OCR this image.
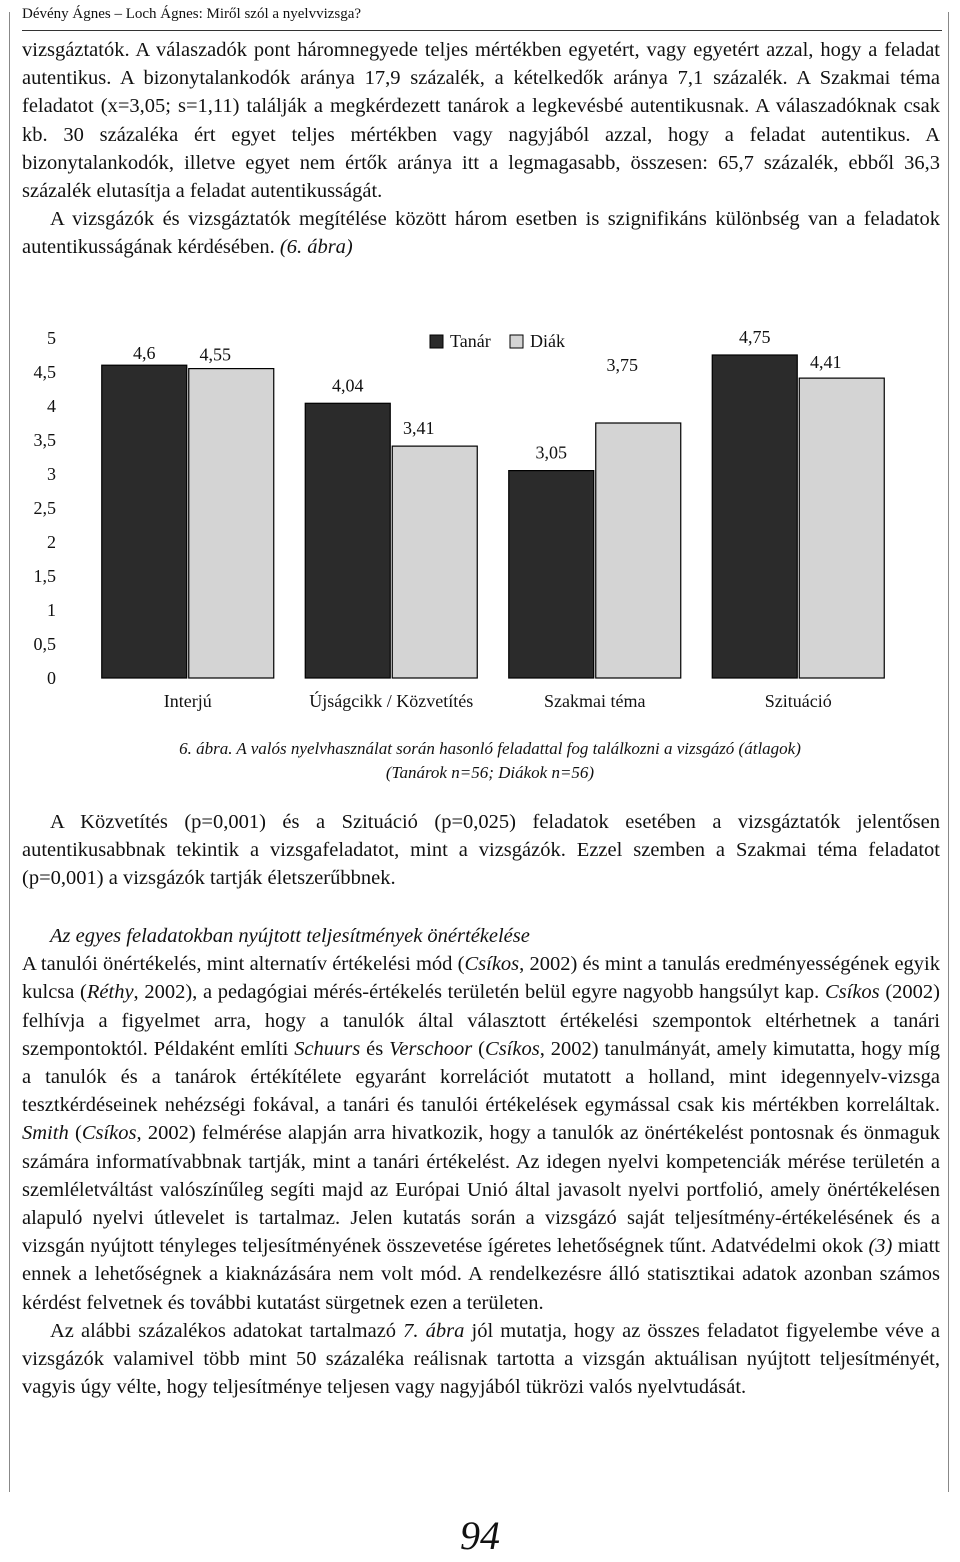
Dévény Ágnes – Loch Ágnes: Miről szól a nyelvvizsga?

vizsgáztatók. A válaszadók pont háromnegyede teljes mértékben egyetért, vagy egyetért azzal, hogy a feladat autentikus. A bizonytalankodók aránya 17,9 százalék, a kételkedők aránya 7,1 százalék. A Szakmai téma feladatot (x=3,05; s=1,11) találják a megkérdezett tanárok a legkevésbé autentikusnak. A válaszadóknak csak kb. 30 százaléka ért egyet teljes mértékben vagy nagyjából azzal, hogy a feladat autentikus. A bizonytalankodók, illetve egyet nem értők aránya itt a legmagasabb, összesen: 65,7 százalék, ebből 36,3 százalék elutasítja a feladat autentikusságát.

A vizsgázók és vizsgáztatók megítélése között három esetben is szignifikáns különbség van a feladatok autentikusságának kérdésében. (6. ábra)

0
0,5
1
1,5
2
2,5
3
3,5
4
4,5
5
4,6 4,55
4,04
3,41
3,05
3,75
4,75
4,41
Interjú	Újságcikk / Közvetítés	Szakmai téma	Szituáció
Tanár Diák
6. ábra. A valós nyelvhasználat során hasonló feladattal fog találkozni a vizsgázó (átlagok)
(Tanárok n=56; Diákok n=56)

A Közvetítés (p=0,001) és a Szituáció (p=0,025) feladatok esetében a vizsgáztatók jelentősen autentikusabbnak tekintik a vizsgafeladatot, mint a vizsgázók. Ezzel szemben a Szakmai téma feladatot (p=0,001) a vizsgázók tartják életszerűbbnek.

Az egyes feladatokban nyújtott teljesítmények önértékelése

A tanulói önértékelés, mint alternatív értékelési mód (Csíkos, 2002) és mint a tanulás eredményességének egyik kulcsa (Réthy, 2002), a pedagógiai mérés-értékelés területén belül egyre nagyobb hangsúlyt kap. Csíkos (2002) felhívja a figyelmet arra, hogy a tanulók által választott értékelési szempontok eltérhetnek a tanári szempontoktól. Példaként említi Schuurs és Verschoor (Csíkos, 2002) tanulmányát, amely kimutatta, hogy míg a tanulók és a tanárok értékítélete egyaránt korrelációt mutatott a holland, mint idegennyelv-vizsga tesztkérdéseinek nehézségi fokával, a tanári és tanulói értékelések egymással csak kis mértékben korreláltak. Smith (Csíkos, 2002) felmérése alapján arra hivatkozik, hogy a tanulók az önértékelést pontosnak és önmaguk számára informatívabbnak tartják, mint a tanári értékelést. Az idegen nyelvi kompetenciák mérése területén a szemléletváltást valószínűleg segíti majd az Európai Unió által javasolt nyelvi portfolió, amely önértékelésen alapuló nyelvi útlevelet is tartalmaz. Jelen kutatás során a vizsgázó saját teljesítmény-értékelésének és a vizsgán nyújtott tényleges teljesítményének összevetése ígéretes lehetőségnek tűnt. Adatvédelmi okok (3) miatt ennek a lehetőségnek a kiaknázására nem volt mód. A rendelkezésre álló statisztikai adatok azonban számos kérdést felvetnek és további kutatást sürgetnek ezen a területen.

Az alábbi százalékos adatokat tartalmazó 7. ábra jól mutatja, hogy az összes feladatot figyelembe véve a vizsgázók valamivel több mint 50 százaléka reálisnak tartotta a vizsgán aktuálisan nyújtott teljesítményét, vagyis úgy vélte, hogy teljesítménye teljesen vagy nagyjából tükrözi valós nyelvtudását.

94
